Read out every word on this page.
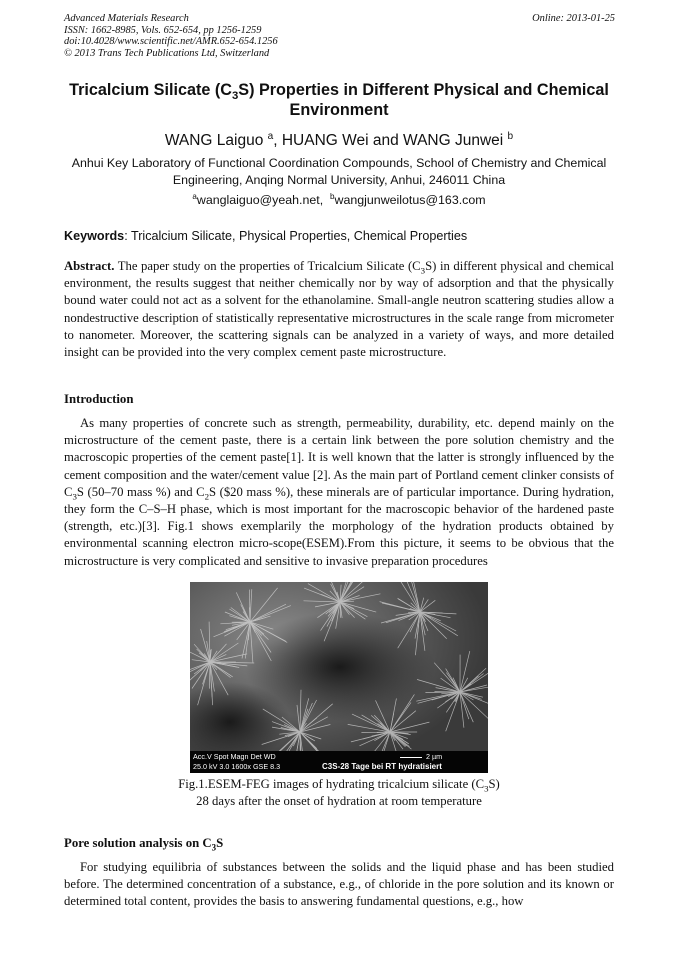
Advanced Materials Research
ISSN: 1662-8985, Vols. 652-654, pp 1256-1259
doi:10.4028/www.scientific.net/AMR.652-654.1256
© 2013 Trans Tech Publications Ltd, Switzerland
Online: 2013-01-25
Tricalcium Silicate $(C_3S)$ Properties in Different Physical and Chemical
Environment
WANG Laiguo $^a$, HUANG Wei and WANG Junwei $^b$
Anhui Key Laboratory of Functional Coordination Compounds, School of Chemistry and Chemical
Engineering, Anqing Normal University, Anhui, 246011 China
$^a$wanglaiguo@yeah.net, $^b$wangjunweilotus@163.com
Keywords: Tricalcium Silicate, Physical Properties, Chemical Properties
Abstract. The paper study on the properties of Tricalcium Silicate $(C_3S)$ in different physical and chemical environment, the results suggest that neither chemically nor by way of adsorption and that the physically bound water could not act as a solvent for the ethanolamine. Small-angle neutron scattering studies allow a nondestructive description of statistically representative microstructures in the scale range from micrometer to nanometer. Moreover, the scattering signals can be analyzed in a variety of ways, and more detailed insight can be provided into the very complex cement paste microstructure.
Introduction
As many properties of concrete such as strength, permeability, durability, etc. depend mainly on the microstructure of the cement paste, there is a certain link between the pore solution chemistry and the macroscopic properties of the cement paste[1]. It is well known that the latter is strongly influenced by the cement composition and the water/cement value [2]. As the main part of Portland cement clinker consists of $C_3S$ (50–70 mass %) and $C_2S$ ($20 mass %), these minerals are of particular importance. During hydration, they form the C–S–H phase, which is most important for the macroscopic behavior of the hardened paste (strength, etc.)[3]. Fig.1 shows exemplarily the morphology of the hydration products obtained by environmental scanning electron micro-scope(ESEM).From this picture, it seems to be obvious that the microstructure is very complicated and sensitive to invasive preparation procedures
Acc.V Spot Magn Det WD
25.0 kV 3.0 1600x GSE 8.3	C3S-28 Tage bei RT hydratisiert
2 µm
Fig.1.ESEM-FEG images of hydrating tricalcium silicate $(C_3S)$
28 days after the onset of hydration at room temperature
Pore solution analysis on $C_3S$
For studying equilibria of substances between the solids and the liquid phase and has been studied before. The determined concentration of a substance, e.g., of chloride in the pore solution and its known or determined total content, provides the basis to answering fundamental questions, e.g., how
